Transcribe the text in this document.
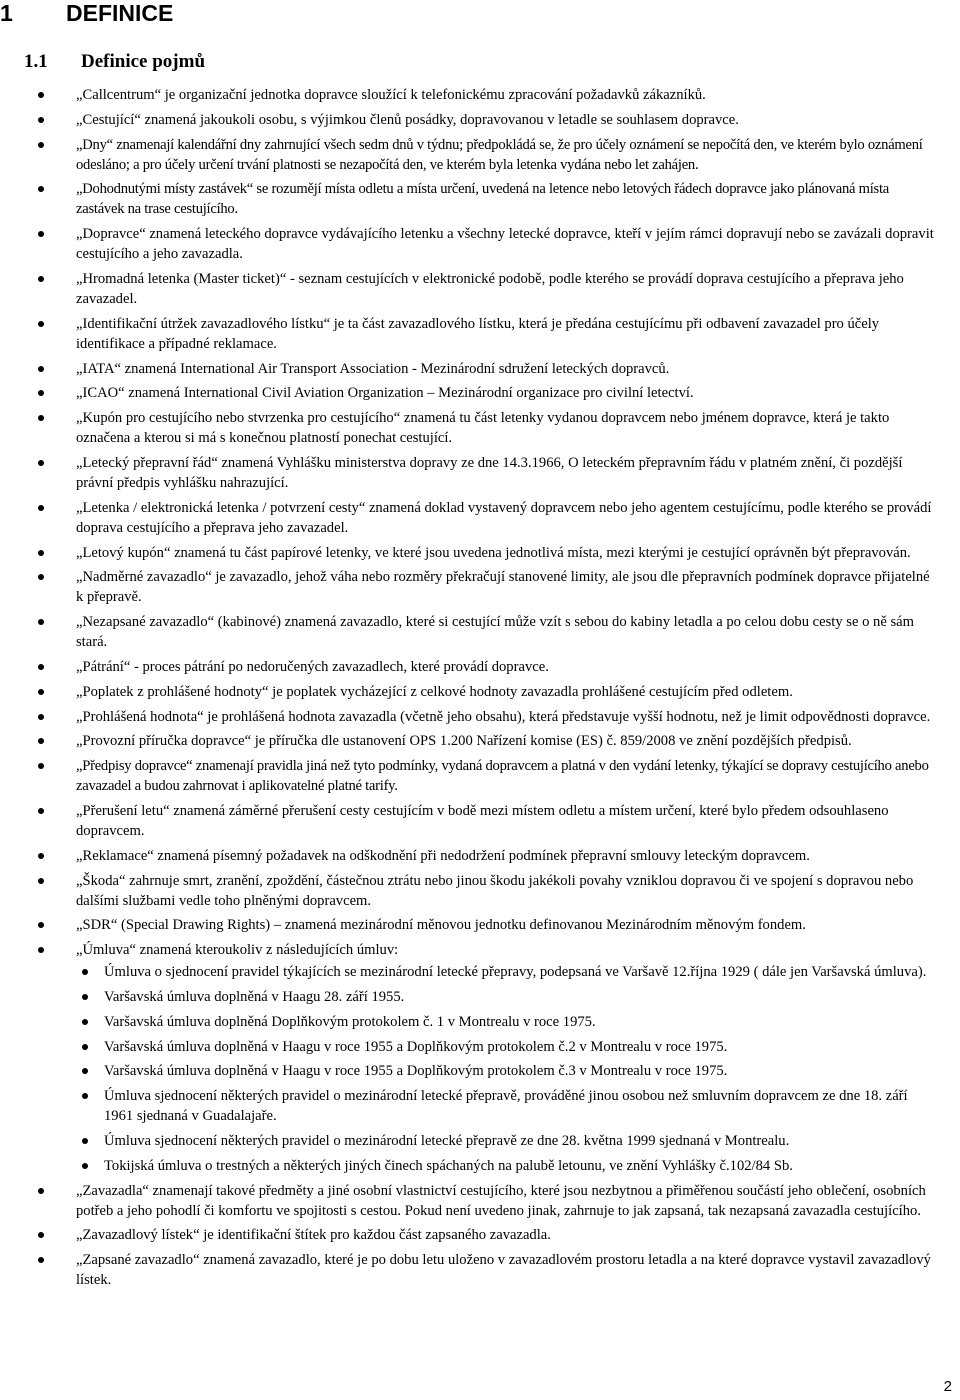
1 DEFINICE
1.1 Definice pojmů
„Callcentrum“ je organizační jednotka dopravce sloužící k telefonickému zpracování požadavků zákazníků.
„Cestující“ znamená jakoukoli osobu, s výjimkou členů posádky, dopravovanou v letadle se souhlasem dopravce.
„Dny“ znamenají kalendářní dny zahrnující všech sedm dnů v týdnu; předpokládá se, že pro účely oznámení se nepočítá den, ve kterém bylo oznámení odesláno; a pro účely určení trvání platnosti se nezapočítá den, ve kterém byla letenka vydána nebo let zahájen.
„Dohodnutými místy zastávek“ se rozumějí místa odletu a místa určení, uvedená na letence nebo letových řádech dopravce jako plánovaná místa zastávek na trase cestujícího.
„Dopravce“ znamená leteckého dopravce vydávajícího letenku a všechny letecké dopravce, kteří v jejím rámci dopravují nebo se zavázali dopravit cestujícího a jeho zavazadla.
„Hromadná letenka (Master ticket)“ - seznam cestujících v elektronické podobě, podle kterého se provádí doprava cestujícího a přeprava jeho zavazadel.
„Identifikační útržek zavazadlového lístku“ je ta část zavazadlového lístku, která je předána cestujícímu při odbavení zavazadel pro účely identifikace a případné reklamace.
„IATA“ znamená International Air Transport Association - Mezinárodní sdružení leteckých dopravců.
„ICAO“ znamená International Civil Aviation Organization – Mezinárodní organizace pro civilní letectví.
„Kupón pro cestujícího nebo stvrzenka pro cestujícího“ znamená tu část letenky vydanou dopravcem nebo jménem dopravce, která je takto označena a kterou si má s konečnou platností ponechat cestující.
„Letecký přepravní řád“ znamená Vyhlášku ministerstva dopravy ze dne 14.3.1966, O leteckém přepravním řádu v platném znění, či pozdější právní předpis vyhlášku nahrazující.
„Letenka / elektronická letenka / potvrzení cesty“ znamená doklad vystavený dopravcem nebo jeho agentem cestujícímu, podle kterého se provádí doprava cestujícího a přeprava jeho zavazadel.
„Letový kupón“ znamená tu část papírové letenky, ve které jsou uvedena jednotlivá místa, mezi kterými je cestující oprávněn být přepravován.
„Nadměrné zavazadlo“ je zavazadlo, jehož váha nebo rozměry překračují stanovené limity, ale jsou dle přepravních podmínek dopravce přijatelné k přepravě.
„Nezapsané zavazadlo“ (kabinové) znamená zavazadlo, které si cestující může vzít s sebou do kabiny letadla a po celou dobu cesty se o ně sám stará.
„Pátrání“ - proces pátrání po nedoručených zavazadlech, které provádí dopravce.
„Poplatek z prohlášené hodnoty“ je poplatek vycházející z celkové hodnoty zavazadla prohlášené cestujícím před odletem.
„Prohlášená hodnota“ je prohlášená hodnota zavazadla (včetně jeho obsahu), která představuje vyšší hodnotu, než je limit odpovědnosti dopravce.
„Provozní příručka dopravce“ je příručka dle ustanovení OPS 1.200 Nařízení komise (ES) č. 859/2008 ve znění pozdějších předpisů.
„Předpisy dopravce“ znamenají pravidla jiná než tyto podmínky, vydaná dopravcem a platná v den vydání letenky, týkající se dopravy cestujícího anebo zavazadel a budou zahrnovat i aplikovatelné platné tarify.
„Přerušení letu“ znamená záměrné přerušení cesty cestujícím v bodě mezi místem odletu a místem určení, které bylo předem odsouhlaseno dopravcem.
„Reklamace“ znamená písemný požadavek na odškodnění při nedodržení podmínek přepravní smlouvy leteckým dopravcem.
„Škoda“ zahrnuje smrt, zranění, zpoždění, částečnou ztrátu nebo jinou škodu jakékoli povahy vzniklou dopravou či ve spojení s dopravou nebo dalšími službami vedle toho plněnými dopravcem.
„SDR“ (Special Drawing Rights) – znamená mezinárodní měnovou jednotku definovanou Mezinárodním měnovým fondem.
„Úmluva“ znamená kteroukoliv z následujících úmluv:
Úmluva o sjednocení pravidel týkajících se mezinárodní letecké přepravy, podepsaná ve Varšavě 12.října 1929 ( dále jen Varšavská úmluva).
Varšavská úmluva doplněná v Haagu 28. září 1955.
Varšavská úmluva doplněná Doplňkovým protokolem č. 1 v Montrealu v roce 1975.
Varšavská úmluva doplněná v Haagu v roce 1955 a Doplňkovým protokolem č.2 v Montrealu v roce 1975.
Varšavská úmluva doplněná v Haagu v roce 1955 a Doplňkovým protokolem č.3 v Montrealu v roce 1975.
Úmluva sjednocení některých pravidel o mezinárodní letecké přepravě, prováděné jinou osobou než smluvním dopravcem ze dne 18. září 1961 sjednaná v Guadalajaře.
Úmluva sjednocení některých pravidel o mezinárodní letecké přepravě ze dne 28. května 1999 sjednaná v Montrealu.
Tokijská úmluva o trestných a některých jiných činech spáchaných na palubě letounu, ve znění Vyhlášky č.102/84 Sb.
„Zavazadla“ znamenají takové předměty a jiné osobní vlastnictví cestujícího, které jsou nezbytnou a přiměřenou součástí jeho oblečení, osobních potřeb a jeho pohodlí či komfortu ve spojitosti s cestou. Pokud není uvedeno jinak, zahrnuje to jak zapsaná, tak nezapsaná zavazadla cestujícího.
„Zavazadlový lístek“ je identifikační štítek pro každou část zapsaného zavazadla.
„Zapsané zavazadlo“ znamená zavazadlo, které je po dobu letu uloženo v zavazadlovém prostoru letadla a na které dopravce vystavil zavazadlový lístek.
2
